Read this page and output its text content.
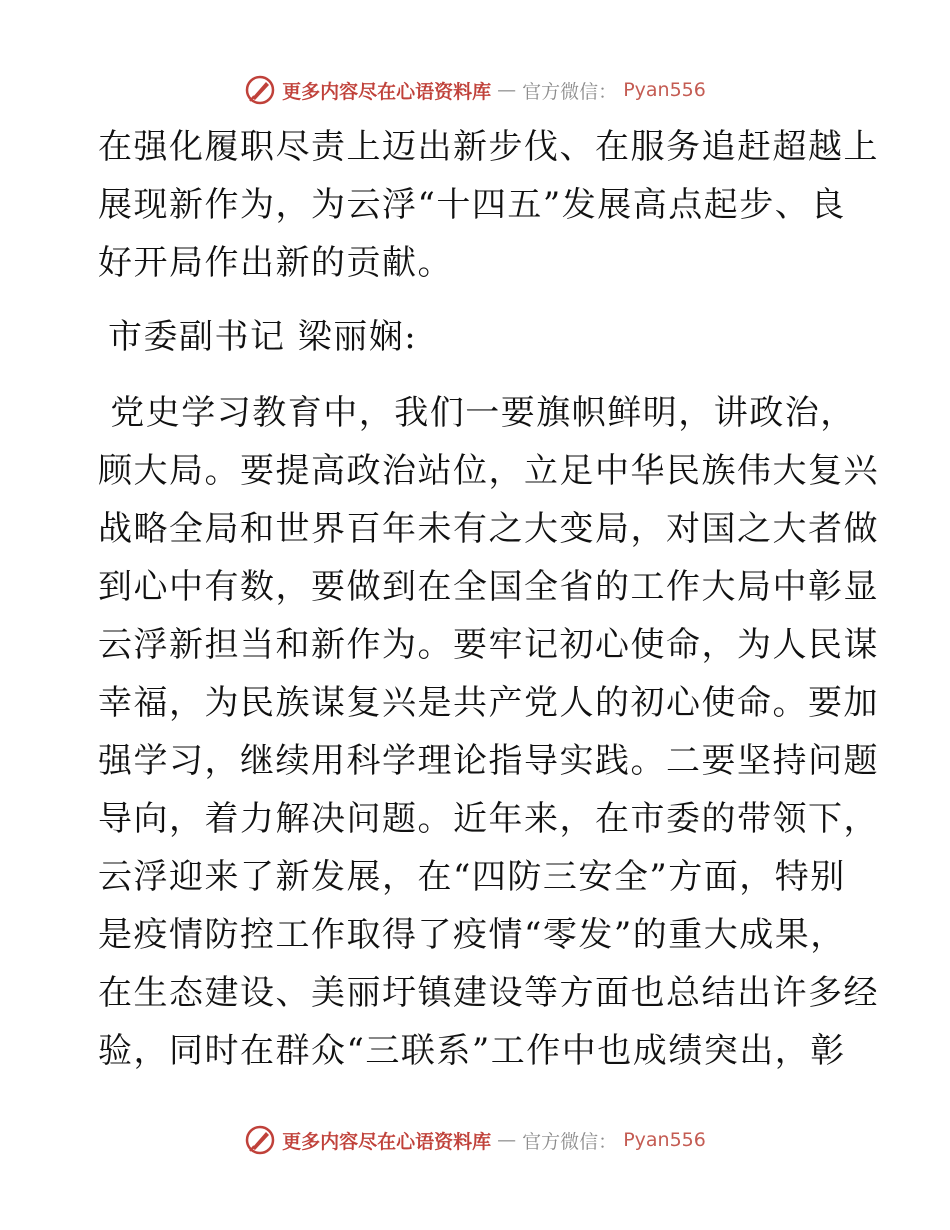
更多内容尽在心语资料库 — 官方微信： Pyan556
在强化履职尽责上迈出新步伐、在服务追赶超越上
展现新作为，为云浮“十四五”发展高点起步、良
好开局作出新的贡献。
市委副书记 梁丽娴:
党史学习教育中，我们一要旗帜鲜明，讲政治，
顾大局。要提高政治站位，立足中华民族伟大复兴
战略全局和世界百年未有之大变局，对国之大者做
到心中有数，要做到在全国全省的工作大局中彰显
云浮新担当和新作为。要牢记初心使命，为人民谋
幸福，为民族谋复兴是共产党人的初心使命。要加
强学习，继续用科学理论指导实践。二要坚持问题
导向，着力解决问题。近年来，在市委的带领下，
云浮迎来了新发展，在“四防三安全”方面，特别
是疫情防控工作取得了疫情“零发”的重大成果，
在生态建设、美丽圩镇建设等方面也总结出许多经
验，同时在群众“三联系”工作中也成绩突出，彰
更多内容尽在心语资料库 — 官方微信： Pyan556
